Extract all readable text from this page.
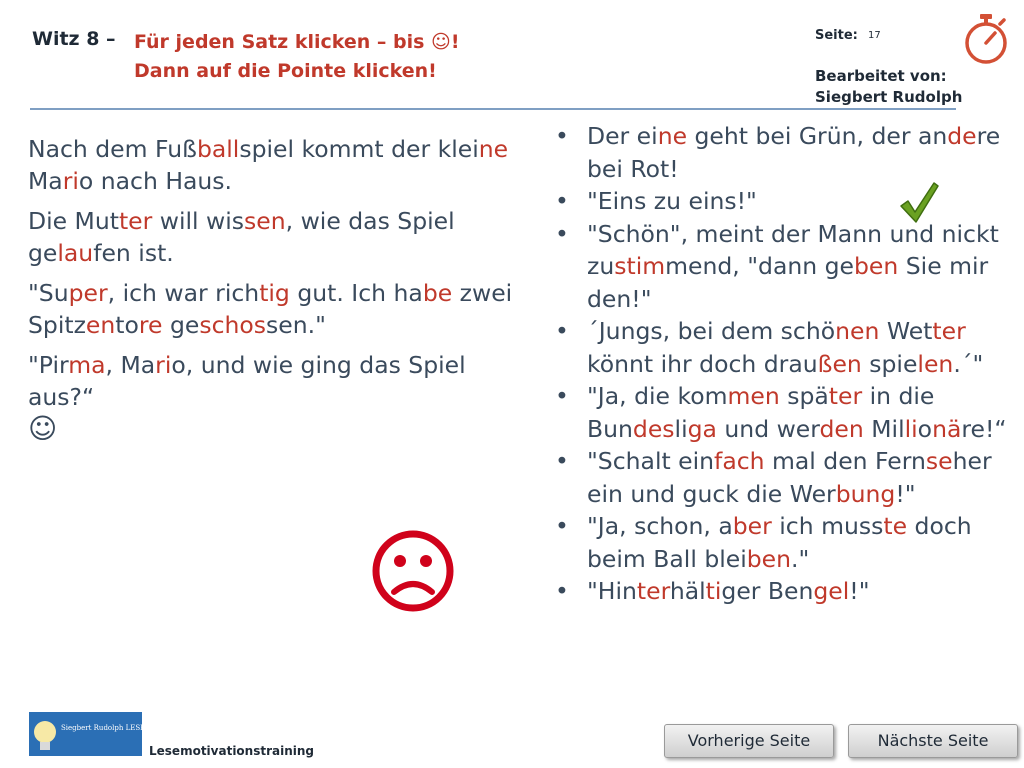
Witz 8 – Für jeden Satz klicken – bis ☺!
Dann auf die Pointe klicken!
Seite: 17
Bearbeitet von:
Siegbert Rudolph

Nach dem Fußballspiel kommt der kleine Mario nach Haus.

Die Mutter will wissen, wie das Spiel gelaufen ist.

"Super, ich war richtig gut. Ich habe zwei Spitzentore geschossen."

"Pirma, Mario, und wie ging das Spiel aus?“
☺

• Der eine geht bei Grün, der andere bei Rot!
• "Eins zu eins!"
• "Schön", meint der Mann und nickt zustimmend, "dann geben Sie mir den!"
• ´Jungs, bei dem schönen Wetter könnt ihr doch draußen spielen.´"
• "Ja, die kommen später in die Bundesliga und werden Millionäre!“
• "Schalt einfach mal den Fernseher ein und guck die Werbung!"
• "Ja, schon, aber ich musste doch beim Ball bleiben."
• "Hinterhältiger Bengel!"
Siegbert Rudolph LESEKOCH
Lesemotivationstraining
Vorherige Seite	Nächste Seite
